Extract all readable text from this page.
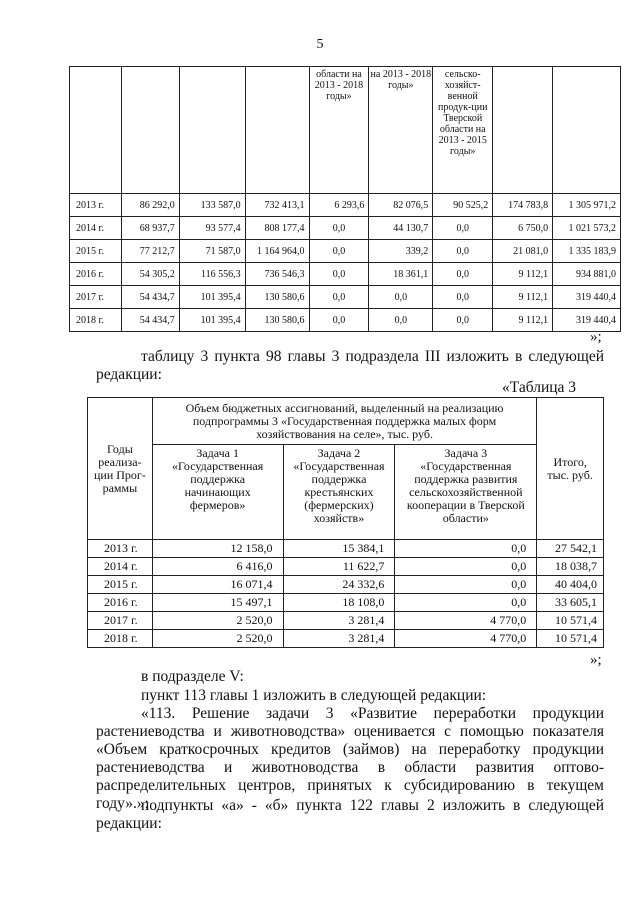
5
				области на 2013 - 2018 годы»	на 2013 - 2018 годы»	сельско-хозяйст-венной продук-ции Тверской области на 2013 - 2015 годы»		
2013 г.	86 292,0	133 587,0	732 413,1	6 293,6	82 076,5	90 525,2	174 783,8	1 305 971,2
2014 г.	68 937,7	93 577,4	808 177,4	0,0	44 130,7	0,0	6 750,0	1 021 573,2
2015 г.	77 212,7	71 587,0	1 164 964,0	0,0	339,2	0,0	21 081,0	1 335 183,9
2016 г.	54 305,2	116 556,3	736 546,3	0,0	18 361,1	0,0	9 112,1	934 881,0
2017 г.	54 434,7	101 395,4	130 580,6	0,0	0,0	0,0	9 112,1	319 440,4
2018 г.	54 434,7	101 395,4	130 580,6	0,0	0,0	0,0	9 112,1	319 440,4
»;
таблицу 3 пункта 98 главы 3 подраздела III изложить в следующей редакции:
«Таблица 3
Годы реализа-ции Прог-раммы	Объем бюджетных ассигнований, выделенный на реализацию подпрограммы 3 «Государственная поддержка малых форм хозяйствования на селе», тыс. руб.			Итого, тыс. руб.
	Задача 1 «Государственная поддержка начинающих фермеров»	Задача 2 «Государственная поддержка крестьянских (фермерских) хозяйств»	Задача 3 «Государственная поддержка развития сельскохозяйственной кооперации в Тверской области»	
2013 г.	12 158,0	15 384,1	0,0	27 542,1
2014 г.	6 416,0	11 622,7	0,0	18 038,7
2015 г.	16 071,4	24 332,6	0,0	40 404,0
2016 г.	15 497,1	18 108,0	0,0	33 605,1
2017 г.	2 520,0	3 281,4	4 770,0	10 571,4
2018 г.	2 520,0	3 281,4	4 770,0	10 571,4
»;
в подразделе V:
пункт 113 главы 1 изложить в следующей редакции:
«113. Решение задачи 3 «Развитие переработки продукции растениеводства и животноводства» оценивается с помощью показателя «Объем краткосрочных кредитов (займов) на переработку продукции растениеводства и животноводства в области развития оптово-распределительных центров, принятых к субсидированию в текущем году».»;
подпункты «а» - «б» пункта 122 главы 2 изложить в следующей редакции:
